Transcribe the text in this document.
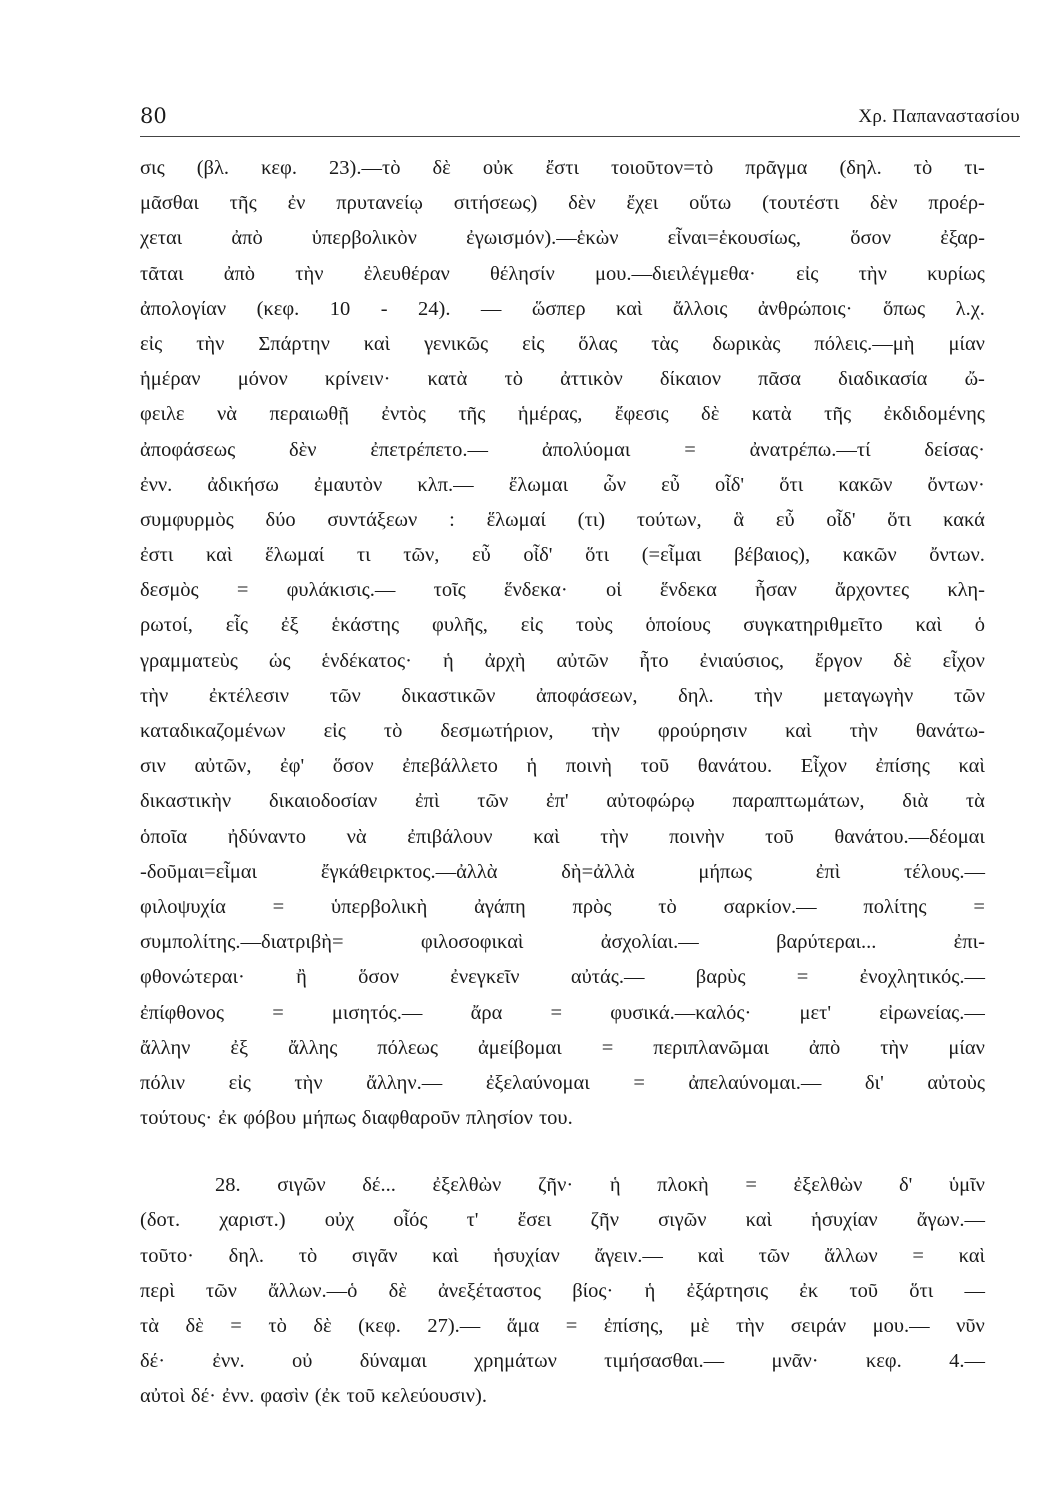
80	Χρ. Παπαναστασίου
σις (βλ. κεφ. 23).—τὸ δὲ οὐκ ἔστι τοιοῦτον=τὸ πρᾶγμα (δηλ. τὸ τι-
μᾶσθαι τῆς ἐν πρυτανείῳ σιτήσεως) δὲν ἔχει οὕτω (τουτέστι δὲν προέρ-
χεται ἀπὸ ὑπερβολικὸν ἐγωισμόν).—ἑκὼν εἶναι=ἑκουσίως, ὅσον ἐξαρ-
τᾶται ἀπὸ τὴν ἐλευθέραν θέλησίν μου.—διειλέγμεθα· εἰς τὴν κυρίως
ἀπολογίαν (κεφ. 10 - 24). — ὥσπερ καὶ ἄλλοις ἀνθρώποις· ὅπως λ.χ.
εἰς τὴν Σπάρτην καὶ γενικῶς εἰς ὅλας τὰς δωρικὰς πόλεις.—μὴ μίαν
ἡμέραν μόνον κρίνειν· κατὰ τὸ ἀττικὸν δίκαιον πᾶσα διαδικασία ὤ-
φειλε νὰ περαιωθῇ ἐντὸς τῆς ἡμέρας, ἔφεσις δὲ κατὰ τῆς ἐκδιδομένης
ἀποφάσεως	δὲν	ἐπετρέπετο.—	ἀπολύομαι	=	ἀνατρέπω.—τί	δείσας·
ἐνν. ἀδικήσω ἐμαυτὸν κλπ.— ἔλωμαι ὧν εὖ οἶδ' ὅτι κακῶν ὄντων·
συμφυρμὸς δύο συντάξεων : ἕλωμαί (τι) τούτων, ἃ εὖ οἶδ' ὅτι κακά
ἐστι καὶ ἕλωμαί τι τῶν, εὖ οἶδ' ὅτι (=εἶμαι βέβαιος), κακῶν ὄντων.
δεσμὸς = φυλάκισις.— τοῖς ἕνδεκα· οἱ ἕνδεκα ἦσαν ἄρχοντες κλη-
ρωτοί, εἷς ἐξ ἑκάστης φυλῆς, εἰς τοὺς ὁποίους συγκατηριθμεῖτο καὶ ὁ
γραμματεὺς ὡς ἑνδέκατος· ἡ ἀρχὴ αὐτῶν ἦτο ἐνιαύσιος, ἔργον δὲ εἶχον
τὴν ἐκτέλεσιν τῶν δικαστικῶν ἀποφάσεων, δηλ. τὴν μεταγωγὴν τῶν
καταδικαζομένων εἰς τὸ δεσμωτήριον, τὴν φρούρησιν καὶ τὴν θανάτω-
σιν αὐτῶν, ἐφ' ὅσον ἐπεβάλλετο ἡ ποινὴ τοῦ θανάτου. Εἶχον ἐπίσης καὶ
δικαστικὴν δικαιοδοσίαν ἐπὶ τῶν ἐπ' αὐτοφώρῳ παραπτωμάτων, διὰ τὰ
ὁποῖα ἠδύναντο νὰ ἐπιβάλουν καὶ τὴν ποινὴν τοῦ θανάτου.—δέομαι
-δοῦμαι=εἶμαι	ἔγκάθειρκτος.—ἀλλὰ	δὴ=ἀλλὰ	μήπως	ἐπὶ	τέλους.—
φιλοψυχία = ὑπερβολικὴ ἀγάπη πρὸς τὸ σαρκίον.— πολίτης =
συμπολίτης.—διατριβὴ=	φιλοσοφικαὶ	ἀσχολίαι.—	βαρύτεραι...	ἐπι-
φθονώτεραι·	ἢ	ὅσον	ἐνεγκεῖν	αὐτάς.—	βαρὺς	=	ἐνοχλητικός.—
ἐπίφθονος = μισητός.— ἄρα = φυσικά.—καλός· μετ' εἰρωνείας.—
ἄλλην ἐξ ἄλλης πόλεως ἀμείβομαι = περιπλανῶμαι ἀπὸ τὴν μίαν
πόλιν εἰς τὴν ἄλλην.— ἐξελαύνομαι = ἀπελαύνομαι.— δι' αὐτοὺς
τούτους· ἐκ φόβου μήπως διαφθαροῦν πλησίον του.
28. σιγῶν δέ... ἐξελθὼν ζῆν· ἡ πλοκὴ = ἐξελθὼν δ' ὑμῖν
(δοτ. χαριστ.) οὐχ οἷός τ' ἔσει ζῆν σιγῶν καὶ ἡσυχίαν ἄγων.—
τοῦτο· δηλ. τὸ σιγᾶν καὶ ἡσυχίαν ἄγειν.— καὶ τῶν ἄλλων = καὶ
περὶ τῶν ἄλλων.—ὁ δὲ ἀνεξέταστος βίος· ἡ ἐξάρτησις ἐκ τοῦ ὅτι —
τὰ δὲ = τὸ δὲ (κεφ. 27).— ἅμα = ἐπίσης, μὲ τὴν σειράν μου.— νῦν
δέ· ἐνν. οὐ δύναμαι χρημάτων τιμήσασθαι.— μνᾶν· κεφ. 4.—
αὐτοὶ δέ· ἐνν. φασὶν (ἐκ τοῦ κελεύουσιν).
